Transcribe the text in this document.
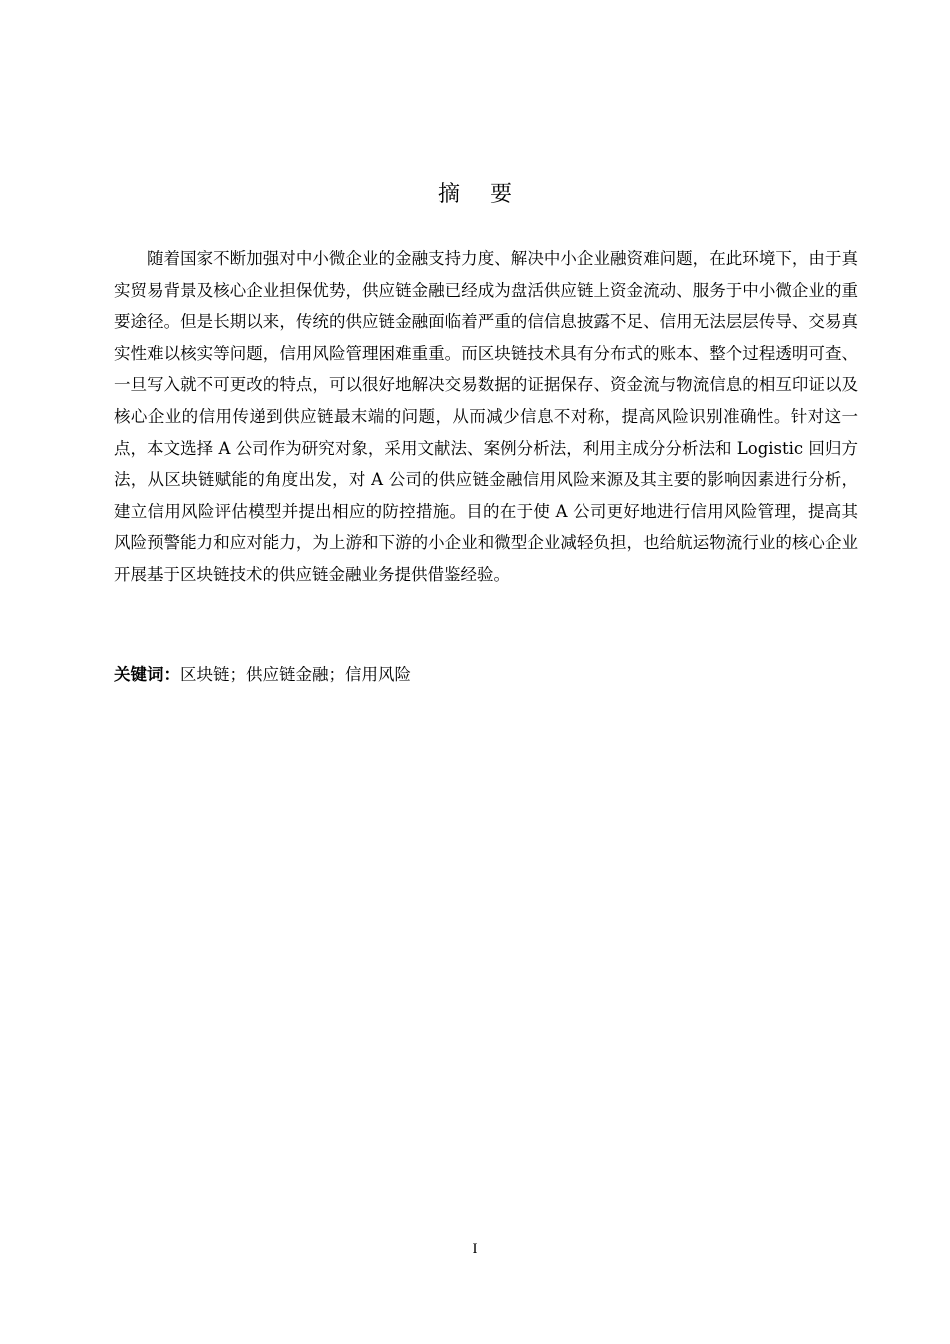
摘要

随着国家不断加强对中小微企业的金融支持力度、解决中小企业融资难问题，在此环境下，由于真实贸易背景及核心企业担保优势，供应链金融已经成为盘活供应链上资金流动、服务于中小微企业的重要途径。但是长期以来，传统的供应链金融面临着严重的信信息披露不足、信用无法层层传导、交易真实性难以核实等问题，信用风险管理困难重重。而区块链技术具有分布式的账本、整个过程透明可查、一旦写入就不可更改的特点，可以很好地解决交易数据的证据保存、资金流与物流信息的相互印证以及核心企业的信用传递到供应链最末端的问题，从而减少信息不对称，提高风险识别准确性。针对这一点，本文选择 A 公司作为研究对象，采用文献法、案例分析法，利用主成分分析法和 Logistic 回归方法，从区块链赋能的角度出发，对 A 公司的供应链金融信用风险来源及其主要的影响因素进行分析，建立信用风险评估模型并提出相应的防控措施。目的在于使 A 公司更好地进行信用风险管理，提高其风险预警能力和应对能力，为上游和下游的小企业和微型企业减轻负担，也给航运物流行业的核心企业开展基于区块链技术的供应链金融业务提供借鉴经验。

关键词：区块链；供应链金融；信用风险

I
